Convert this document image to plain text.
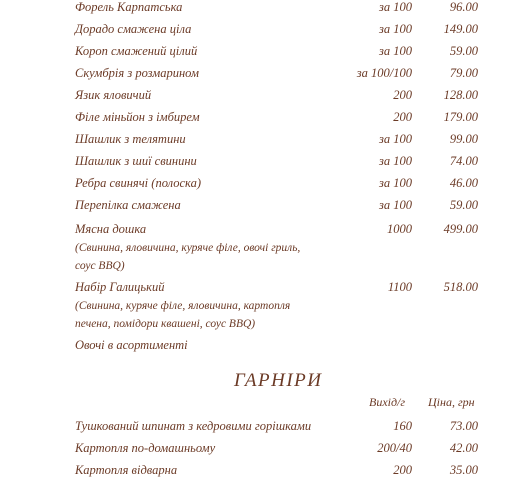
Форель Карпатська	за 100	96.00
Дорадо смажена ціла	за 100	149.00
Короп смажений цілий	за 100	59.00
Скумбрія з розмарином	за 100/100	79.00
Язик яловичий	200	128.00
Філе міньйон з імбирем	200	179.00
Шашлик з телятини	за 100	99.00
Шашлик з шиї свинини	за 100	74.00
Ребра свинячі (полоска)	за 100	46.00
Перепілка смажена	за 100	59.00
Мясна дошка	1000	499.00
(Свинина, яловичина, куряче філе, овочі гриль,
соус BBQ)
Набір Галицький	1100	518.00
(Свинина, куряче філе, яловичина, картопля
печена, помідори квашені, соус BBQ)
Овочі в асортименті
ГАРНІРИ
Вихід/г Ціна, грн
Тушкований шпинат з кедровими горішками	160	73.00
Картопля по-домашньому	200/40	42.00
Картопля відварна	200	35.00
